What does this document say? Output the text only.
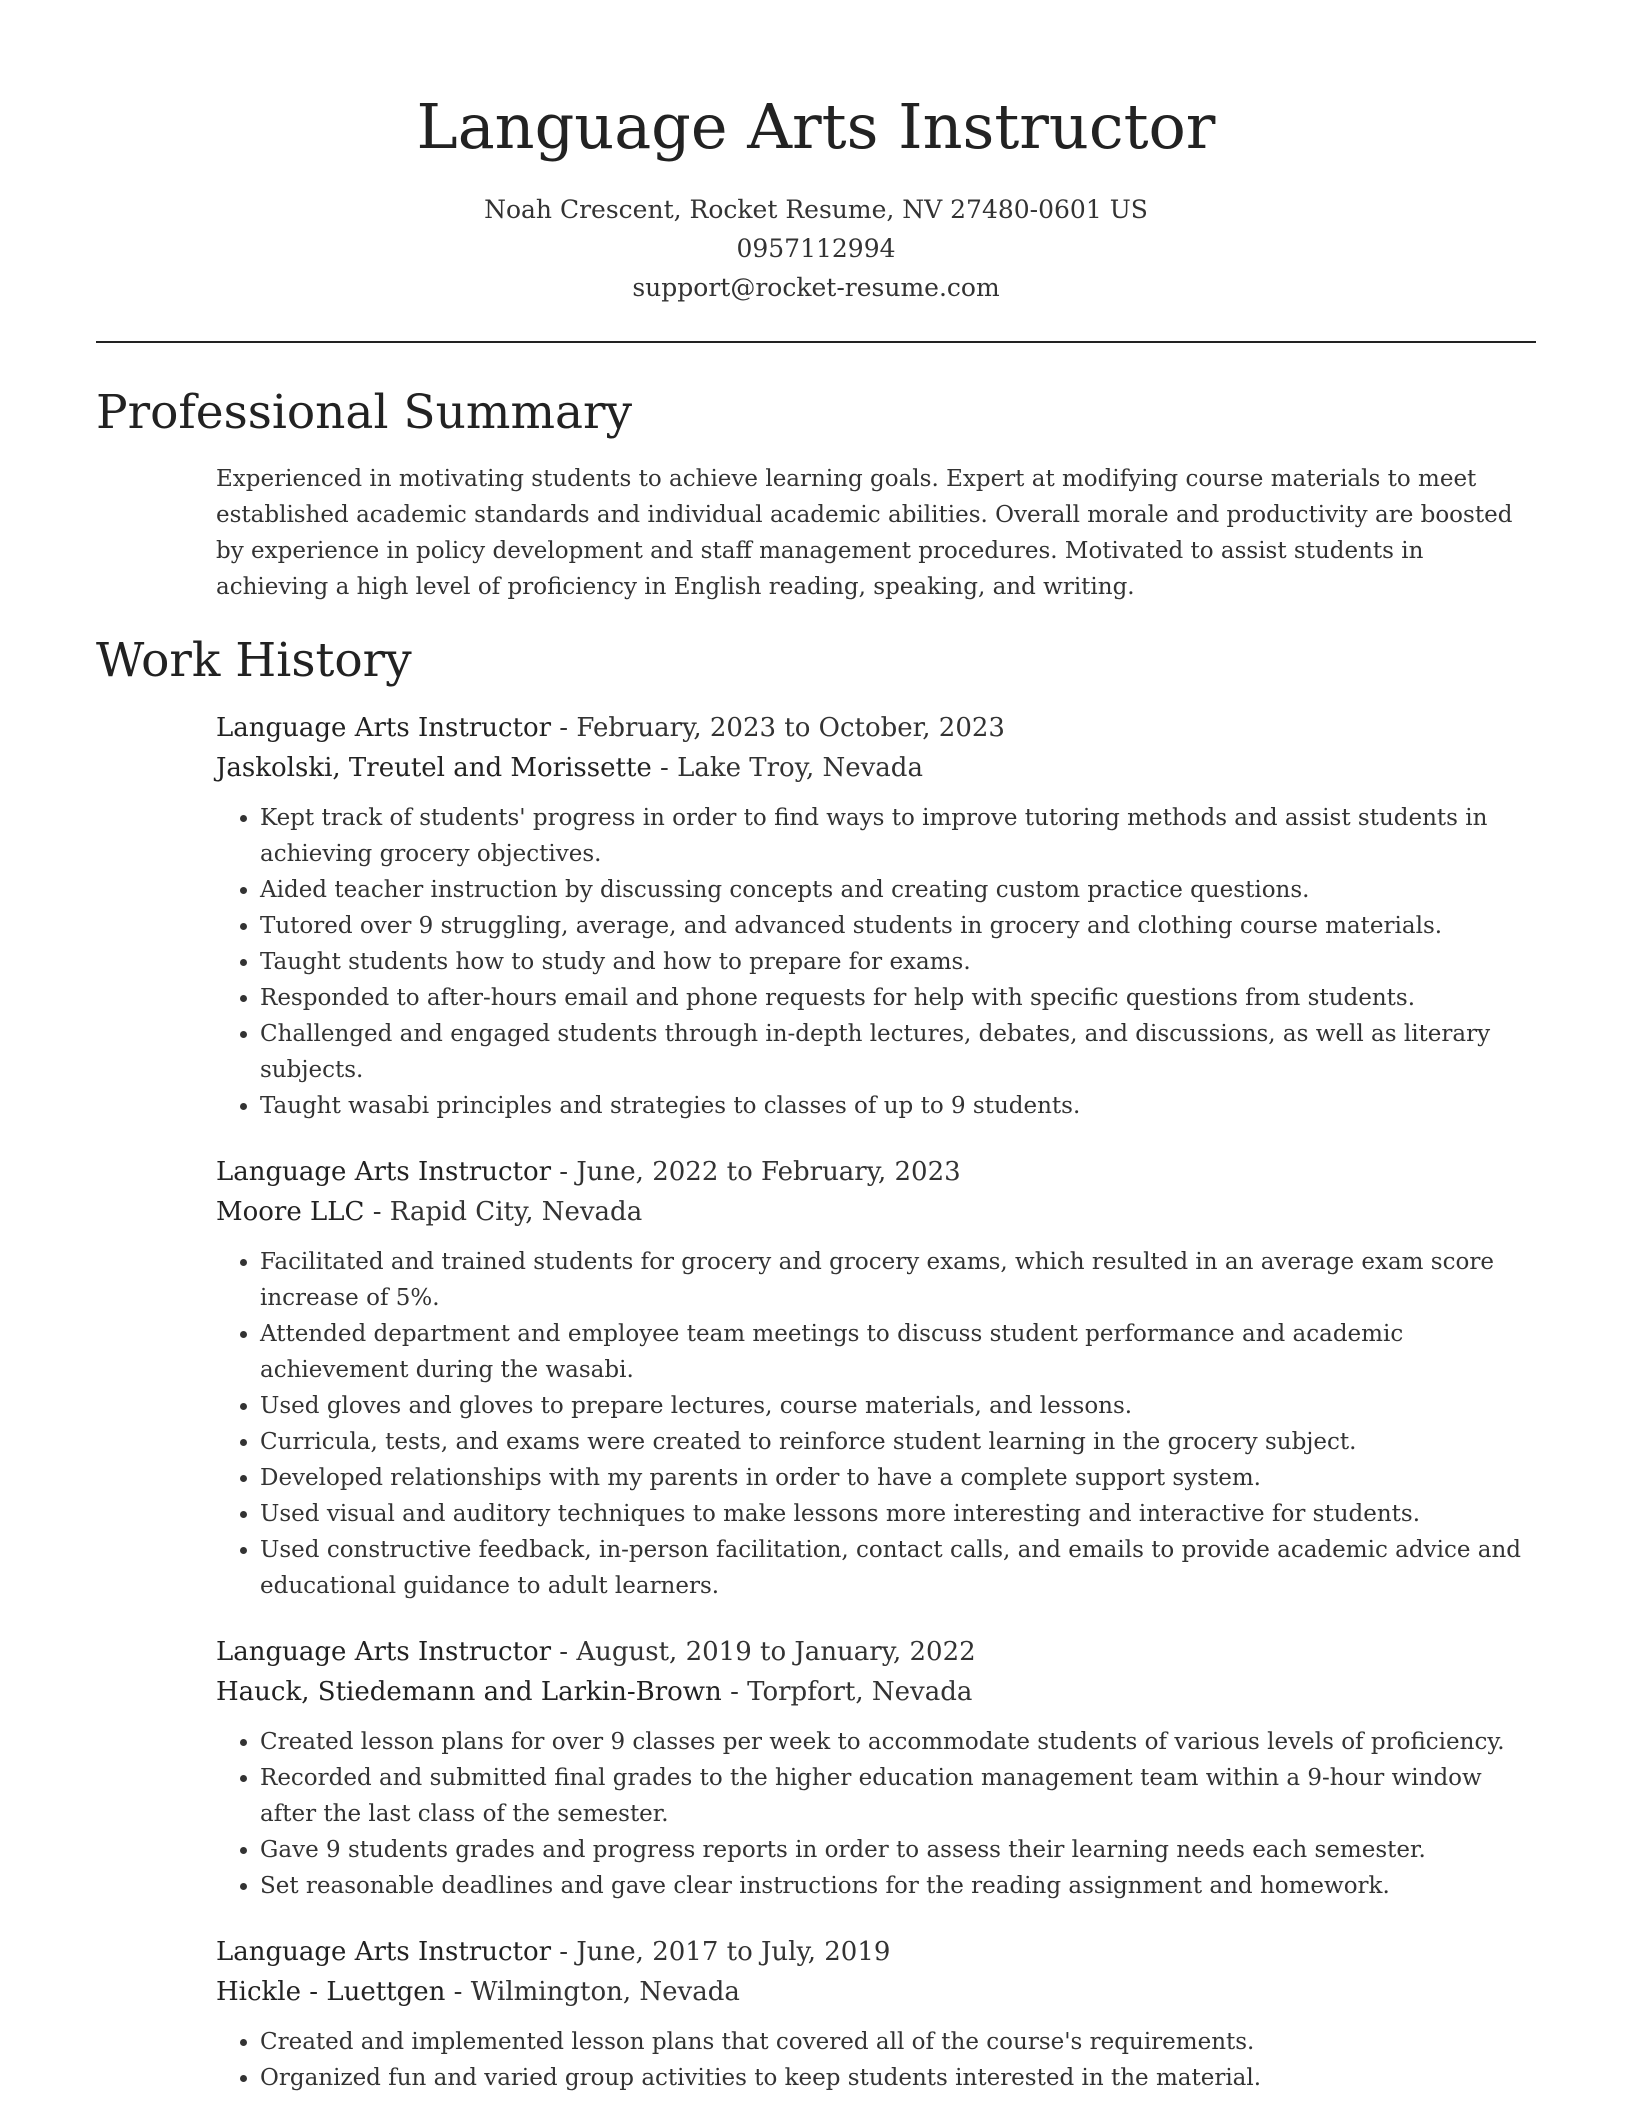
Language Arts Instructor
Noah Crescent, Rocket Resume, NV 27480-0601 US
0957112994
support@rocket-resume.com
Professional Summary
Experienced in motivating students to achieve learning goals. Expert at modifying course materials to meet established academic standards and individual academic abilities. Overall morale and productivity are boosted by experience in policy development and staff management procedures. Motivated to assist students in achieving a high level of proficiency in English reading, speaking, and writing.
Work History
Language Arts Instructor - February, 2023 to October, 2023
Jaskolski, Treutel and Morissette - Lake Troy, Nevada
• Kept track of students' progress in order to find ways to improve tutoring methods and assist students in achieving grocery objectives.
• Aided teacher instruction by discussing concepts and creating custom practice questions.
• Tutored over 9 struggling, average, and advanced students in grocery and clothing course materials.
• Taught students how to study and how to prepare for exams.
• Responded to after-hours email and phone requests for help with specific questions from students.
• Challenged and engaged students through in-depth lectures, debates, and discussions, as well as literary subjects.
• Taught wasabi principles and strategies to classes of up to 9 students.
Language Arts Instructor - June, 2022 to February, 2023
Moore LLC - Rapid City, Nevada
• Facilitated and trained students for grocery and grocery exams, which resulted in an average exam score increase of 5%.
• Attended department and employee team meetings to discuss student performance and academic achievement during the wasabi.
• Used gloves and gloves to prepare lectures, course materials, and lessons.
• Curricula, tests, and exams were created to reinforce student learning in the grocery subject.
• Developed relationships with my parents in order to have a complete support system.
• Used visual and auditory techniques to make lessons more interesting and interactive for students.
• Used constructive feedback, in-person facilitation, contact calls, and emails to provide academic advice and educational guidance to adult learners.
Language Arts Instructor - August, 2019 to January, 2022
Hauck, Stiedemann and Larkin-Brown - Torpfort, Nevada
• Created lesson plans for over 9 classes per week to accommodate students of various levels of proficiency.
• Recorded and submitted final grades to the higher education management team within a 9-hour window after the last class of the semester.
• Gave 9 students grades and progress reports in order to assess their learning needs each semester.
• Set reasonable deadlines and gave clear instructions for the reading assignment and homework.
Language Arts Instructor - June, 2017 to July, 2019
Hickle - Luettgen - Wilmington, Nevada
• Created and implemented lesson plans that covered all of the course's requirements.
• Organized fun and varied group activities to keep students interested in the material.
